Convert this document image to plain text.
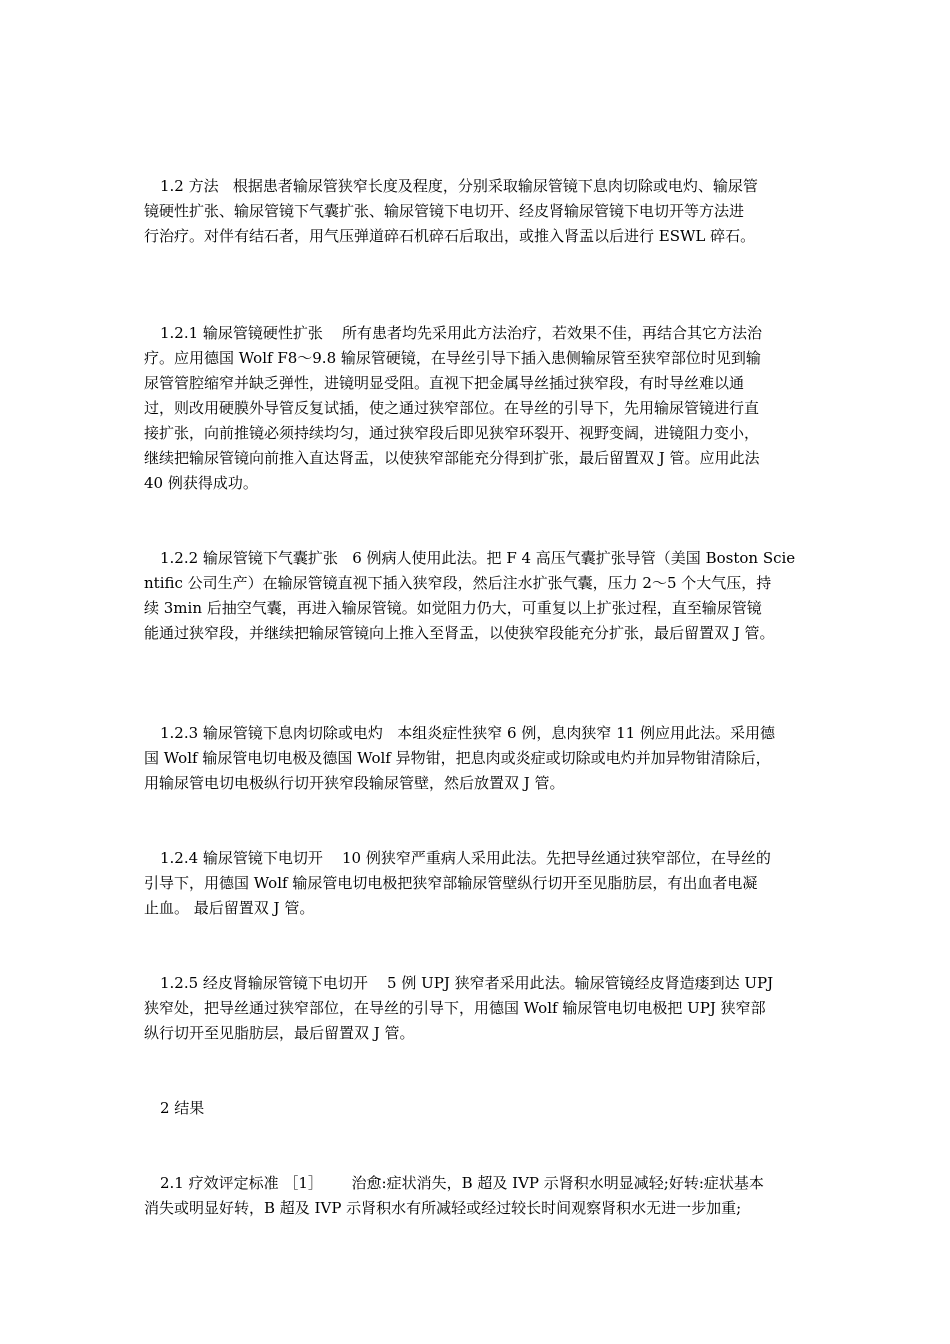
1.2 方法   根据患者输尿管狭窄长度及程度，分别采取输尿管镜下息肉切除或电灼、输尿管
镜硬性扩张、输尿管镜下气囊扩张、输尿管镜下电切开、经皮肾输尿管镜下电切开等方法进
行治疗。对伴有结石者，用气压弹道碎石机碎石后取出，或推入肾盂以后进行 ESWL 碎石。
1.2.1 输尿管镜硬性扩张    所有患者均先采用此方法治疗，若效果不佳，再结合其它方法治
疗。应用德国 Wolf F8～9.8 输尿管硬镜，在导丝引导下插入患侧输尿管至狭窄部位时见到输
尿管管腔缩窄并缺乏弹性，进镜明显受阻。直视下把金属导丝插过狭窄段，有时导丝难以通
过，则改用硬膜外导管反复试插，使之通过狭窄部位。在导丝的引导下，先用输尿管镜进行直
接扩张，向前推镜必须持续均匀，通过狭窄段后即见狭窄环裂开、视野变阔，进镜阻力变小，
继续把输尿管镜向前推入直达肾盂，以使狭窄部能充分得到扩张，最后留置双 J 管。应用此法
40 例获得成功。
1.2.2 输尿管镜下气囊扩张   6 例病人使用此法。把 F 4 高压气囊扩张导管（美国 Boston Scie
ntific 公司生产）在输尿管镜直视下插入狭窄段，然后注水扩张气囊，压力 2～5 个大气压，持
续 3min 后抽空气囊，再进入输尿管镜。如觉阻力仍大，可重复以上扩张过程，直至输尿管镜
能通过狭窄段，并继续把输尿管镜向上推入至肾盂，以使狭窄段能充分扩张，最后留置双 J 管。
1.2.3 输尿管镜下息肉切除或电灼   本组炎症性狭窄 6 例，息肉狭窄 11 例应用此法。采用德
国 Wolf 输尿管电切电极及德国 Wolf 异物钳，把息肉或炎症或切除或电灼并加异物钳清除后，
用输尿管电切电极纵行切开狭窄段输尿管壁，然后放置双 J 管。
1.2.4 输尿管镜下电切开    10 例狭窄严重病人采用此法。先把导丝通过狭窄部位，在导丝的
引导下，用德国 Wolf 输尿管电切电极把狭窄部输尿管壁纵行切开至见脂肪层，有出血者电凝
止血。 最后留置双 J 管。
1.2.5 经皮肾输尿管镜下电切开    5 例 UPJ 狭窄者采用此法。输尿管镜经皮肾造瘘到达 UPJ
狭窄处，把导丝通过狭窄部位，在导丝的引导下，用德国 Wolf 输尿管电切电极把 UPJ 狭窄部
纵行切开至见脂肪层，最后留置双 J 管。
2 结果
2.1 疗效评定标准 ［1］      治愈:症状消失，B 超及 IVP 示肾积水明显减轻;好转:症状基本
消失或明显好转，B 超及 IVP 示肾积水有所减轻或经过较长时间观察肾积水无进一步加重;
